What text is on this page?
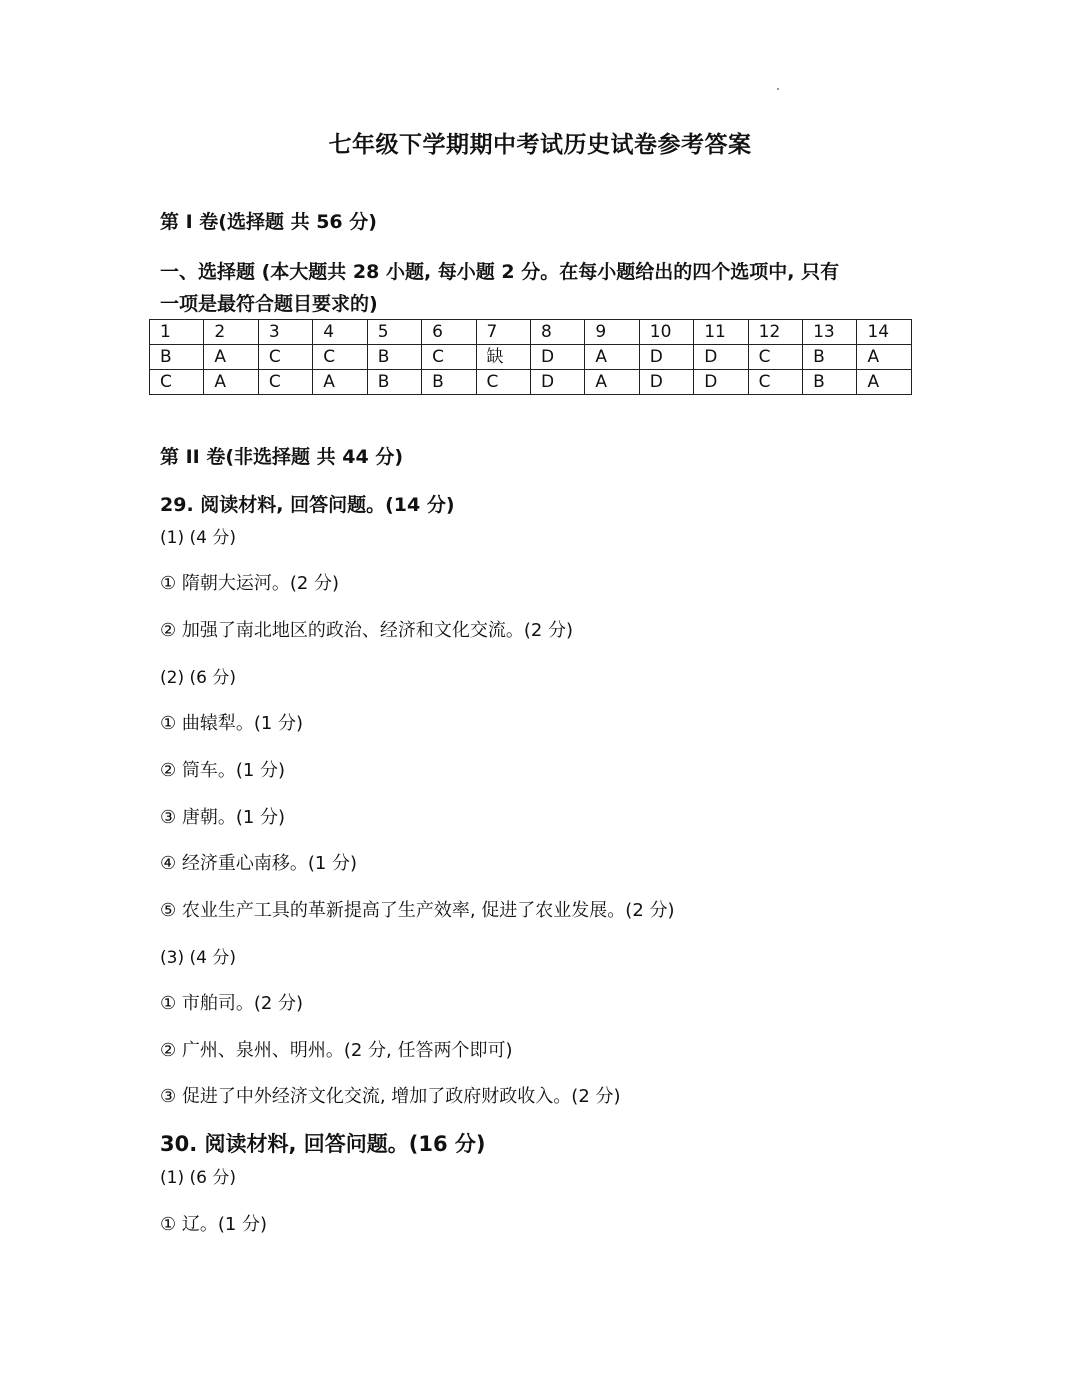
七年级下学期期中考试历史试卷参考答案
第 I 卷(选择题 共 56 分)
一、选择题 (本大题共 28 小题, 每小题 2 分。在每小题给出的四个选项中, 只有
一项是最符合题目要求的)
1	2	3	4	5	6	7	8	9	10	11	12	13	14
B	A	C	C	B	C	缺	D	A	D	D	C	B	A
C	A	C	A	B	B	C	D	A	D	D	C	B	A
第 II 卷(非选择题 共 44 分)
29. 阅读材料, 回答问题。(14 分)
(1) (4 分)
① 隋朝大运河。(2 分)
② 加强了南北地区的政治、经济和文化交流。(2 分)
(2) (6 分)
① 曲辕犁。(1 分)
② 筒车。(1 分)
③ 唐朝。(1 分)
④ 经济重心南移。(1 分)
⑤ 农业生产工具的革新提高了生产效率, 促进了农业发展。(2 分)
(3) (4 分)
① 市舶司。(2 分)
② 广州、泉州、明州。(2 分, 任答两个即可)
③ 促进了中外经济文化交流, 增加了政府财政收入。(2 分)
30. 阅读材料, 回答问题。(16 分)
(1) (6 分)
① 辽。(1 分)
